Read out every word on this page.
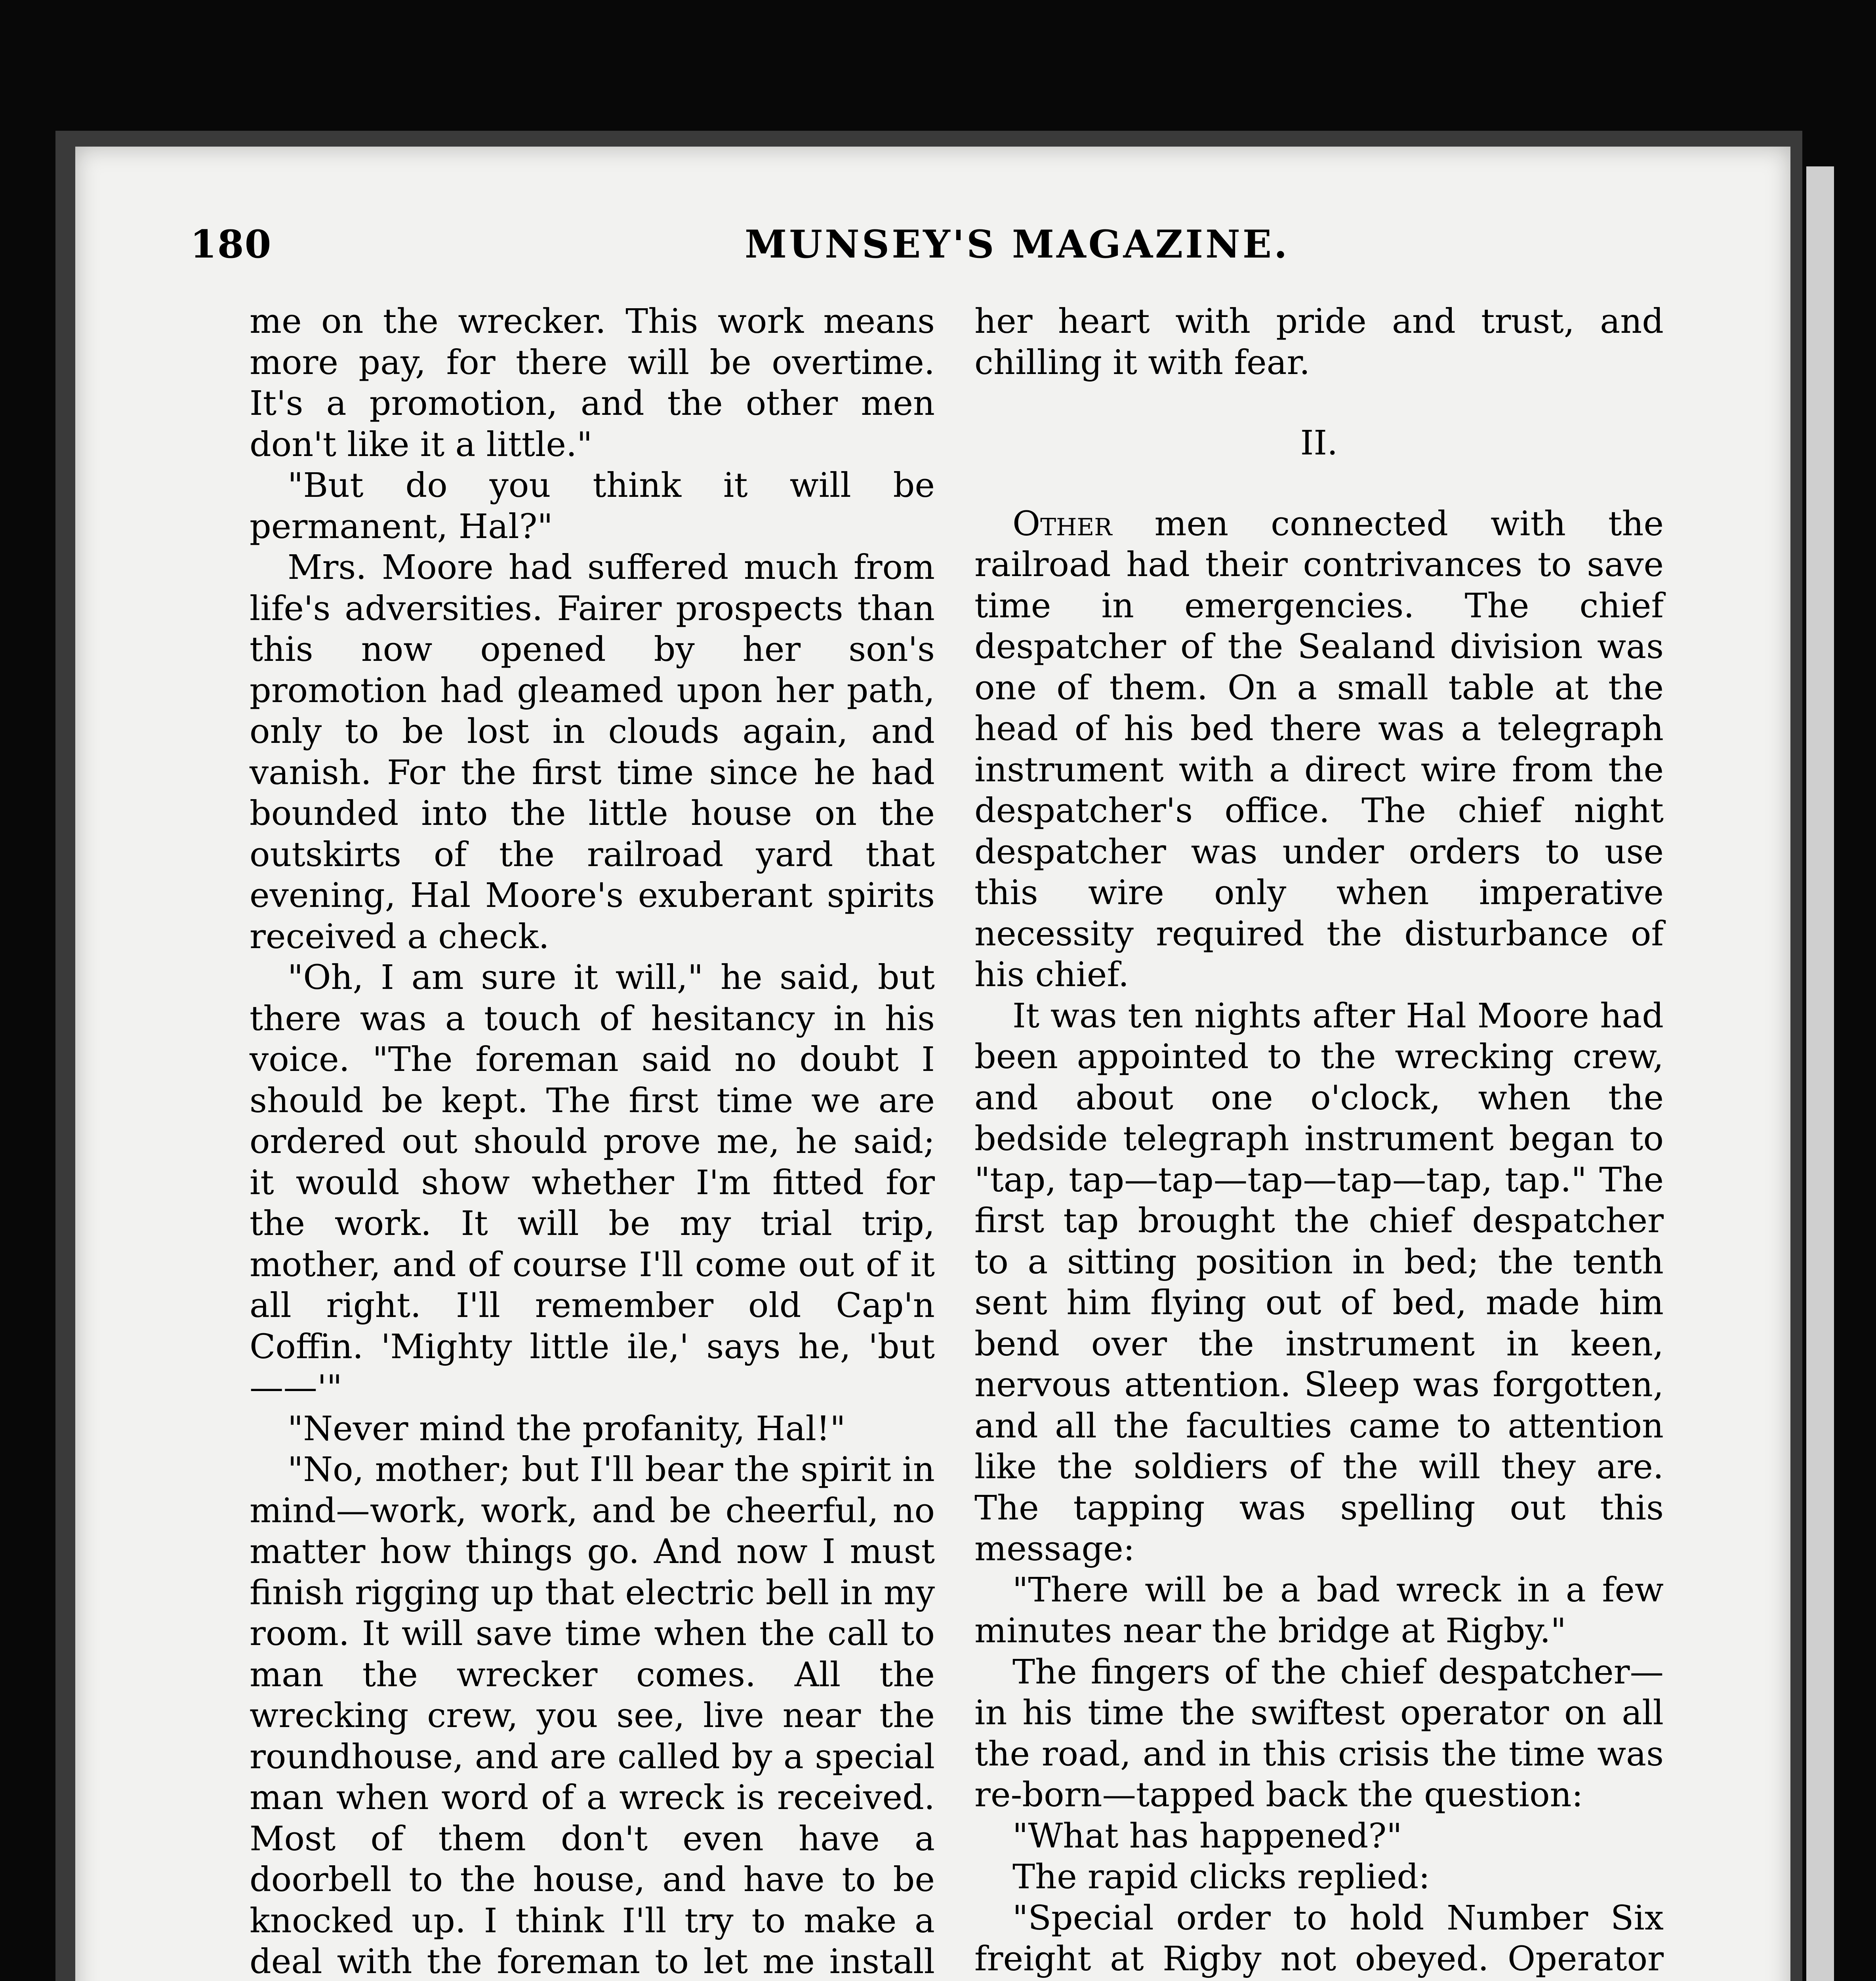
180	MUNSEY'S MAGAZINE.

me on the wrecker. This work means more pay, for there will be overtime. It's a promotion, and the other men don't like it a little."

"But do you think it will be permanent, Hal?"

Mrs. Moore had suffered much from life's adversities. Fairer prospects than this now opened by her son's promotion had gleamed upon her path, only to be lost in clouds again, and vanish. For the first time since he had bounded into the little house on the outskirts of the railroad yard that evening, Hal Moore's exuberant spirits received a check.

"Oh, I am sure it will," he said, but there was a touch of hesitancy in his voice. "The foreman said no doubt I should be kept. The first time we are ordered out should prove me, he said; it would show whether I'm fitted for the work. It will be my trial trip, mother, and of course I'll come out of it all right. I'll remember old Cap'n Coffin. 'Mighty little ile,' says he, 'but——'"

"Never mind the profanity, Hal!"

"No, mother; but I'll bear the spirit in mind—work, work, and be cheerful, no matter how things go. And now I must finish rigging up that electric bell in my room. It will save time when the call to man the wrecker comes. All the wrecking crew, you see, live near the roundhouse, and are called by a special man when word of a wreck is received. Most of them don't even have a doorbell to the house, and have to be knocked up. I think I'll try to make a deal with the foreman to let me install

her heart with pride and trust, and chilling it with fear.

II.

Other men connected with the railroad had their contrivances to save time in emergencies. The chief despatcher of the Sealand division was one of them. On a small table at the head of his bed there was a telegraph instrument with a direct wire from the despatcher's office. The chief night despatcher was under orders to use this wire only when imperative necessity required the disturbance of his chief.

It was ten nights after Hal Moore had been appointed to the wrecking crew, and about one o'clock, when the bedside telegraph instrument began to "tap, tap—tap—tap—tap—tap, tap." The first tap brought the chief despatcher to a sitting position in bed; the tenth sent him flying out of bed, made him bend over the instrument in keen, nervous attention. Sleep was forgotten, and all the faculties came to attention like the soldiers of the will they are. The tapping was spelling out this message:

"There will be a bad wreck in a few minutes near the bridge at Rigby."

The fingers of the chief despatcher—in his time the swiftest operator on all the road, and in this crisis the time was re-born—tapped back the question:

"What has happened?"

The rapid clicks replied:

"Special order to hold Number Six freight at Rigby not obeyed. Operator
